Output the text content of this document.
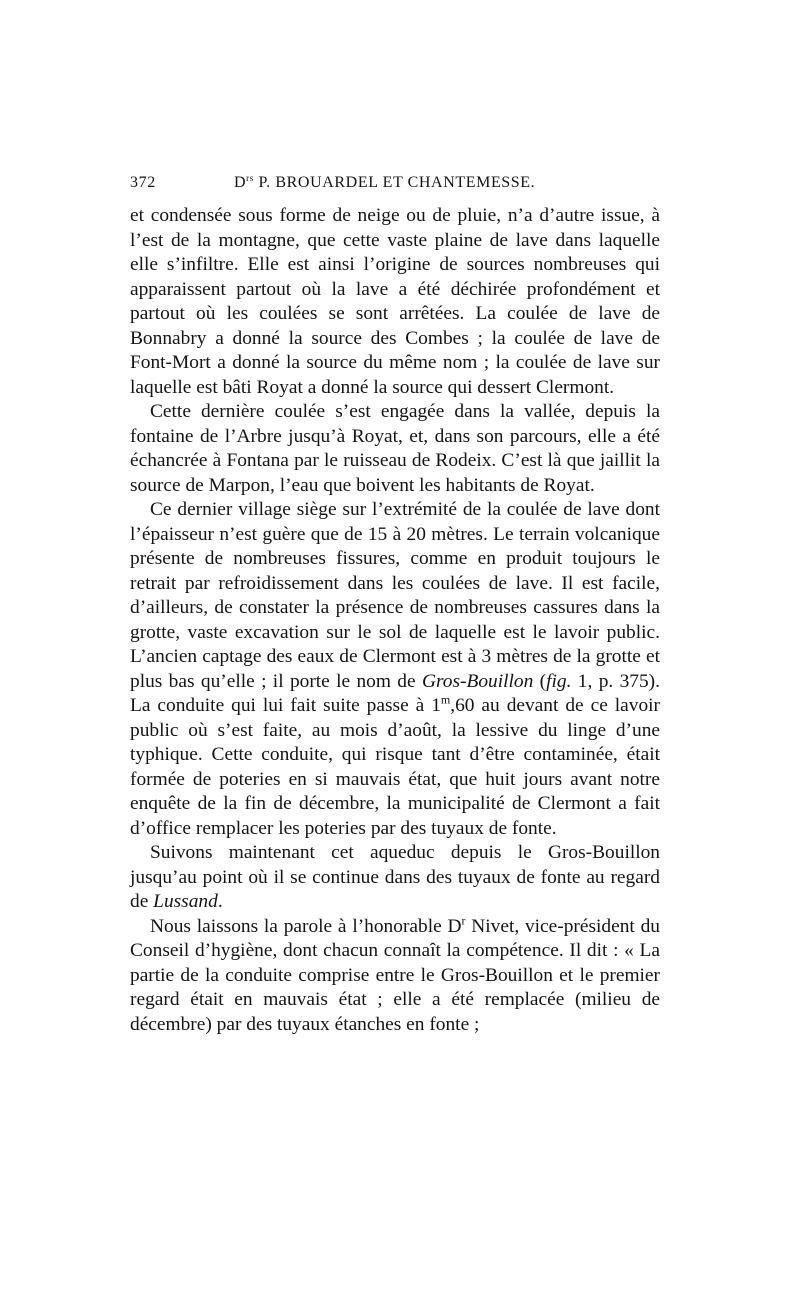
372	$D^{rs}$ P. BROUARDEL ET CHANTEMESSE.

et condensée sous forme de neige ou de pluie, n’a d’autre issue, à l’est de la montagne, que cette vaste plaine de lave dans laquelle elle s’infiltre. Elle est ainsi l’origine de sources nombreuses qui apparaissent partout où la lave a été déchirée profondément et partout où les coulées se sont arrêtées. La coulée de lave de Bonnabry a donné la source des Combes ; la coulée de lave de Font-Mort a donné la source du même nom ; la coulée de lave sur laquelle est bâti Royat a donné la source qui dessert Clermont.

Cette dernière coulée s’est engagée dans la vallée, depuis la fontaine de l’Arbre jusqu’à Royat, et, dans son parcours, elle a été échancrée à Fontana par le ruisseau de Rodeix. C’est là que jaillit la source de Marpon, l’eau que boivent les habitants de Royat.

Ce dernier village siège sur l’extrémité de la coulée de lave dont l’épaisseur n’est guère que de 15 à 20 mètres. Le terrain volcanique présente de nombreuses fissures, comme en produit toujours le retrait par refroidissement dans les coulées de lave. Il est facile, d’ailleurs, de constater la présence de nombreuses cassures dans la grotte, vaste excavation sur le sol de laquelle est le lavoir public. L’ancien captage des eaux de Clermont est à 3 mètres de la grotte et plus bas qu’elle ; il porte le nom de Gros-Bouillon (fig. 1, p. 375). La conduite qui lui fait suite passe à 1$^m$,60 au devant de ce lavoir public où s’est faite, au mois d’août, la lessive du linge d’une typhique. Cette conduite, qui risque tant d’être contaminée, était formée de poteries en si mauvais état, que huit jours avant notre enquête de la fin de décembre, la municipalité de Clermont a fait d’office remplacer les poteries par des tuyaux de fonte.

Suivons maintenant cet aqueduc depuis le Gros-Bouillon jusqu’au point où il se continue dans des tuyaux de fonte au regard de Lussand.

Nous laissons la parole à l’honorable $D^r$ Nivet, vice-président du Conseil d’hygiène, dont chacun connaît la compétence. Il dit : « La partie de la conduite comprise entre le Gros-Bouillon et le premier regard était en mauvais état ; elle a été remplacée (milieu de décembre) par des tuyaux étanches en fonte ;
